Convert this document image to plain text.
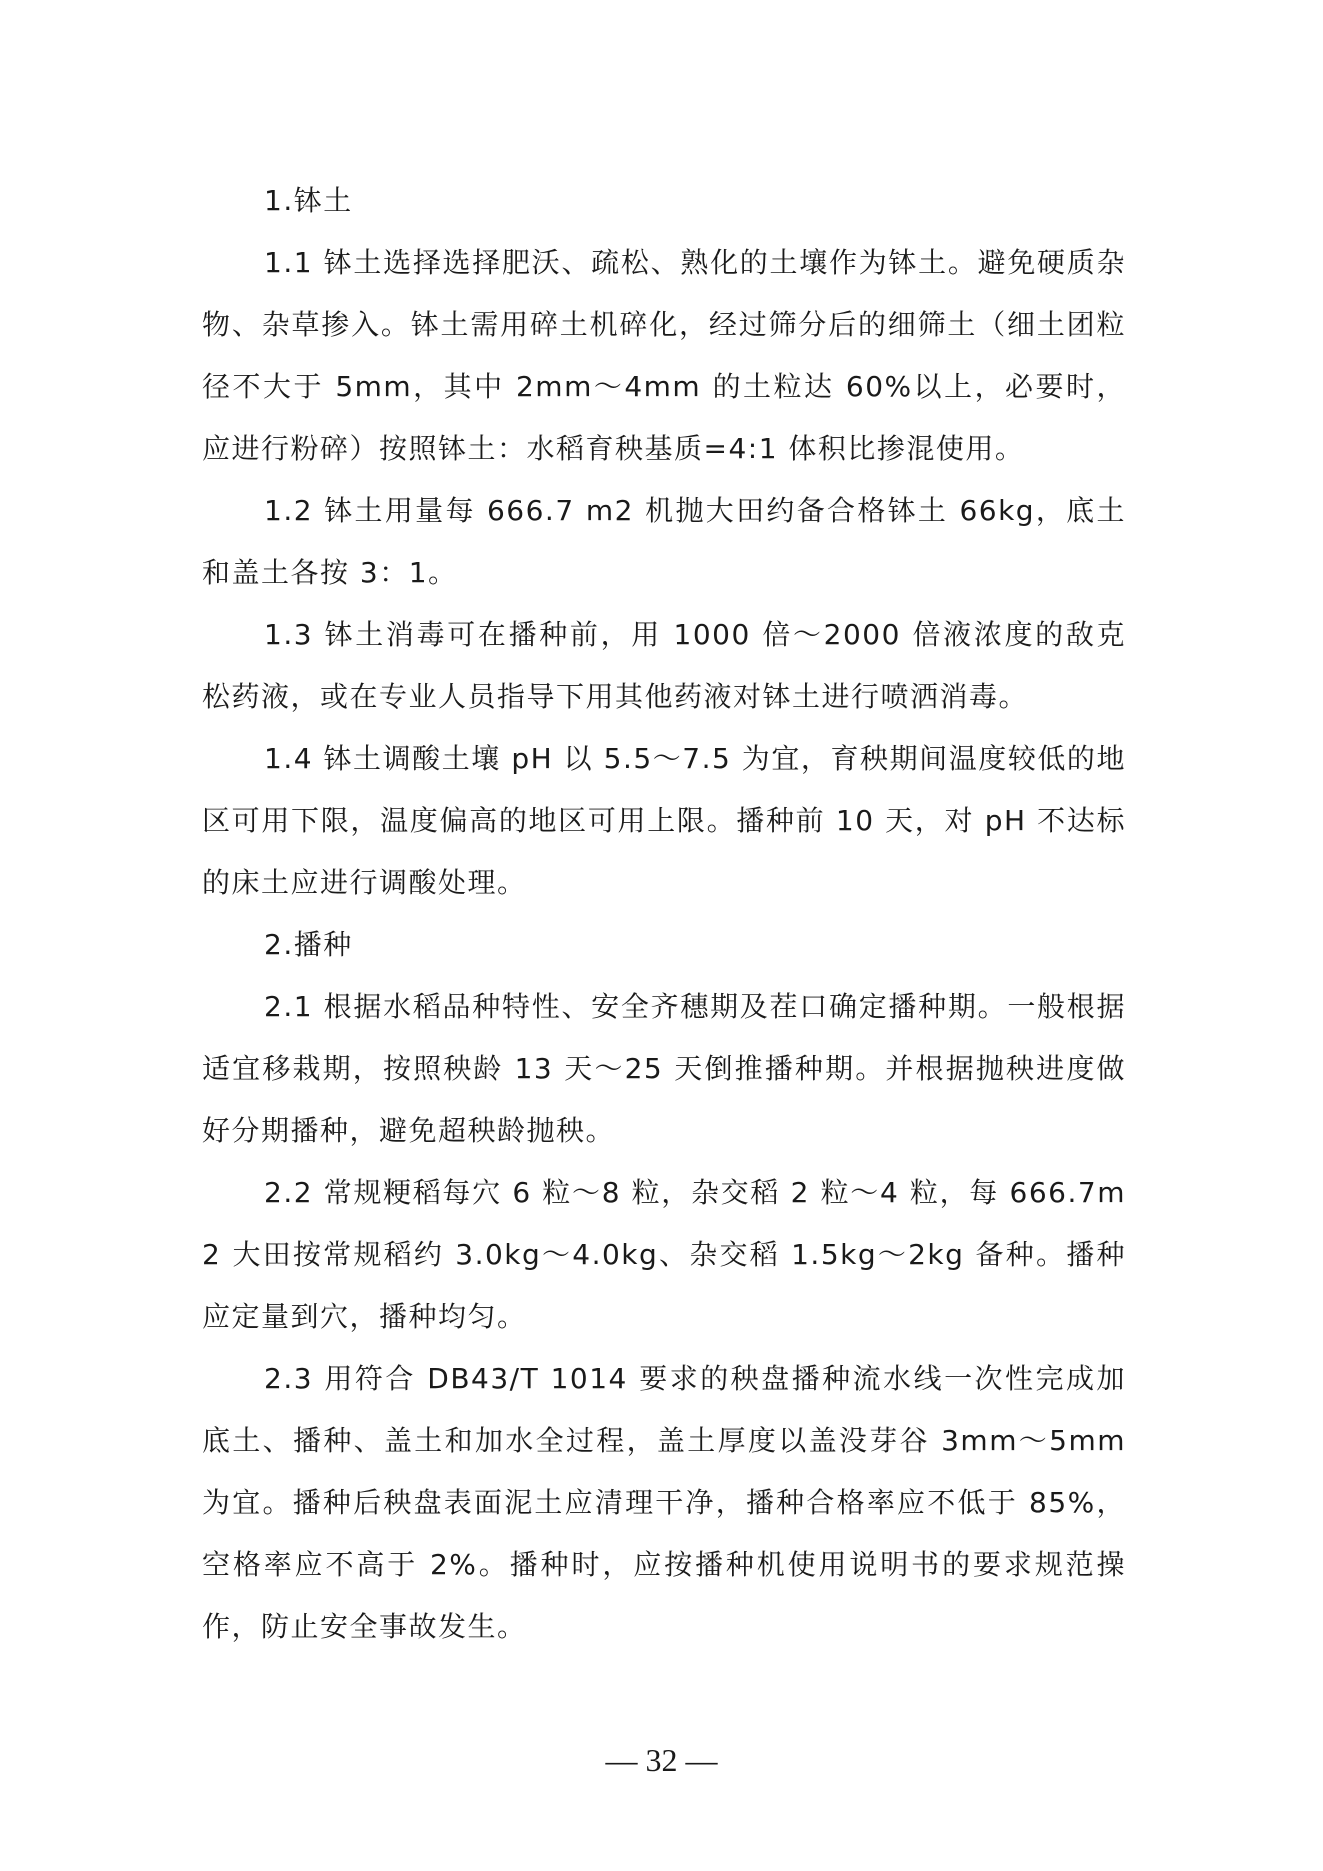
1.钵土

1.1 钵土选择选择肥沃、疏松、熟化的土壤作为钵土。避免硬质杂物、杂草掺入。钵土需用碎土机碎化，经过筛分后的细筛土（细土团粒径不大于 5mm，其中 2mm～4mm 的土粒达 60%以上，必要时，应进行粉碎）按照钵土：水稻育秧基质=4:1 体积比掺混使用。

1.2 钵土用量每 666.7 m2 机抛大田约备合格钵土 66kg，底土和盖土各按 3：1。

1.3 钵土消毒可在播种前，用 1000 倍～2000 倍液浓度的敌克松药液，或在专业人员指导下用其他药液对钵土进行喷洒消毒。

1.4 钵土调酸土壤 pH 以 5.5～7.5 为宜，育秧期间温度较低的地区可用下限，温度偏高的地区可用上限。播种前 10 天，对 pH 不达标的床土应进行调酸处理。

2.播种

2.1 根据水稻品种特性、安全齐穗期及茬口确定播种期。一般根据适宜移栽期，按照秧龄 13 天～25 天倒推播种期。并根据抛秧进度做好分期播种，避免超秧龄抛秧。

2.2 常规粳稻每穴 6 粒～8 粒，杂交稻 2 粒～4 粒，每 666.7m2 大田按常规稻约 3.0kg～4.0kg、杂交稻 1.5kg～2kg 备种。播种应定量到穴，播种均匀。

2.3 用符合 DB43/T 1014 要求的秧盘播种流水线一次性完成加底土、播种、盖土和加水全过程，盖土厚度以盖没芽谷 3mm～5mm 为宜。播种后秧盘表面泥土应清理干净，播种合格率应不低于 85%，空格率应不高于 2%。播种时，应按播种机使用说明书的要求规范操作，防止安全事故发生。

— 32 —
